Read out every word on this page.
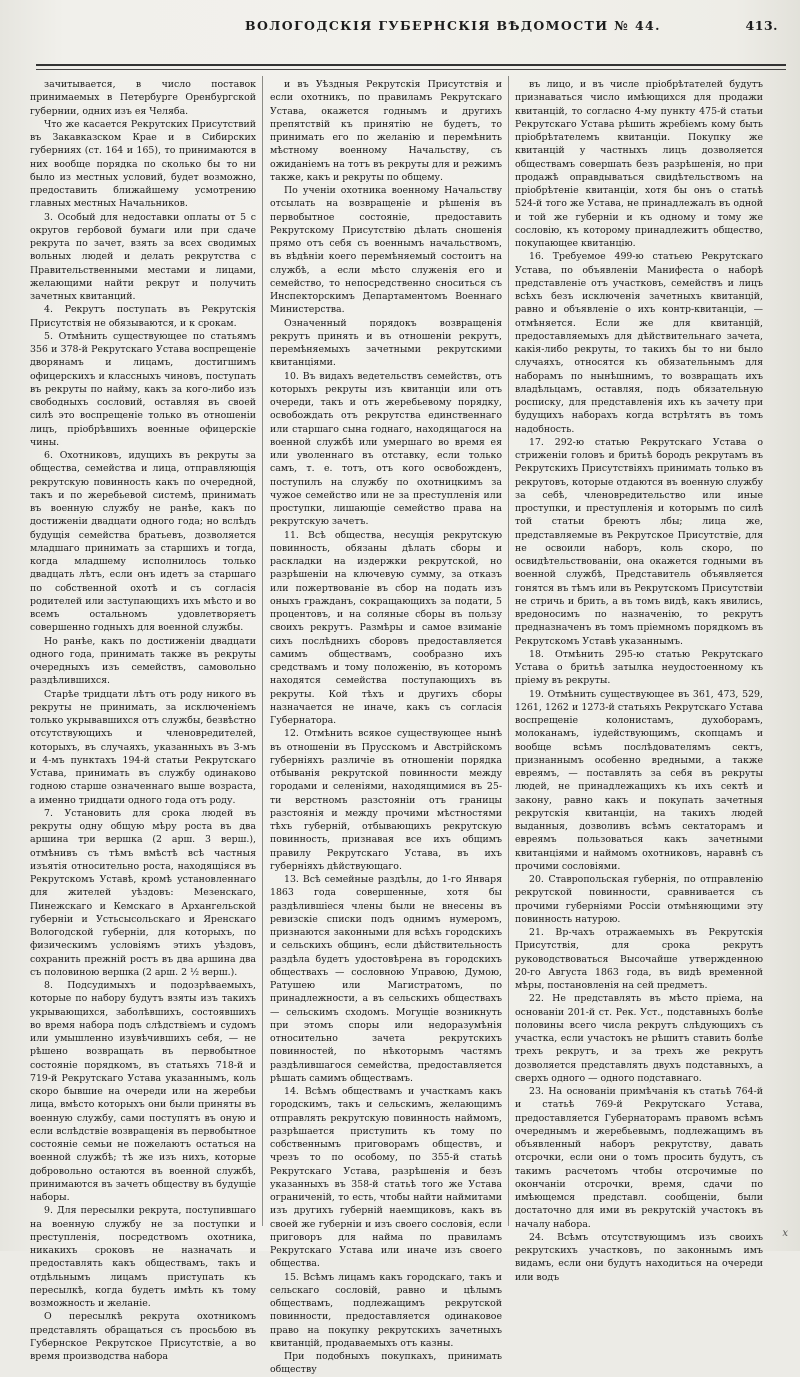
ВОЛОГОДСКІЯ ГУБЕРНСКІЯ ВѢДОМОСТИ № 44.	413.

зачитывается, в число поставок принимаемых в Петербурге Оренбургской губернии, одних изъ ея Челяба.

Что же касается Рекрутских Присутствий въ Закавказском Крае и в Сибирских губерниях (ст. 164 и 165), то принимаются в них вообще порядка по сколько бы то ни было из местных условий, будет возможно, предоставить ближайшему усмотрению главных местных Начальников.

3. Особый для недоставки оплаты от 5 с округов гербовой бумаги или при сдаче рекрута по зачет, взять за всех сводимых вольных людей и делать рекрутства с Правительственными местами и лицами, желающими найти рекрут и получить зачетных квитанций.

4. Рекрутъ поступать въ Рекрутскія Присутствія не обязываются, и к срокам.

5. Отмѣнить существующее по статьямъ 356 и 378-й Рекрутскаго Устава воспрещеніе дворянамъ и лицамъ, достигшимъ офицерскихъ и классныхъ чиновъ, поступать въ рекруты по найму, какъ за кого-либо изъ свободныхъ сословий, оставляя въ своей силѣ это воспрещеніе только въ отношеніи лицъ, пріобрѣвшихъ военные офицерскіе чины.

6. Охотниковъ, идущихъ въ рекруты за общества, семейства и лица, отправляющія рекрутскую повинность какъ по очередной, такъ и по жеребьевой системѣ, принимать въ военную службу не ранѣе, какъ по достиженіи двадцати одного года; но вслѣдъ будущія семейства братьевъ, дозволяется младшаго принимать за старшихъ и тогда, когда младшему исполнилось только двадцать лѣтъ, если онъ идетъ за старшаго по собственной охотѣ и съ согласія родителей или заступающихъ ихъ мѣсто и во всемъ остальномъ удовлетворяетъ совершенно годныхъ для военной службы.

Но ранѣе, какъ по достиженіи двадцати одного года, принимать также въ рекруты очередныхъ изъ семействъ, самовольно раздѣлившихся.

Старѣе тридцати лѣтъ отъ роду никого въ рекруты не принимать, за исключеніемъ только укрывавшихся отъ службы, безвѣстно отсутствующихъ и членовредителей, которыхъ, въ случаяхъ, указанныхъ въ 3-мъ и 4-мъ пунктахъ 194-й статьи Рекрутскаго Устава, принимать въ службу одинаково годною старше означеннаго выше возраста, а именно тридцати одного года отъ роду.

7. Установить для срока людей въ рекруты одну общую мѣру роста въ два аршина три вершка (2 арш. 3 верш.), отмѣнивъ съ тѣмъ вмѣстѣ всѣ частныя изъятія относительно роста, находящіяся въ Рекрутскомъ Уставѣ, кромѣ установленнаго для жителей уѣздовъ: Мезенскаго, Пинежскаго и Кемскаго в Архангельской губерніи и Устьсысольскаго и Яренскаго Вологодской губерніи, для которыхъ, по физическимъ условіямъ этихъ уѣздовъ, сохранить прежній ростъ въ два аршина два съ половиною вершка (2 арш. 2 ½ верш.).

8. Подсудимыхъ и подозрѣваемыхъ, которые по набору будутъ взяты изъ такихъ укрывающихся, заболѣвшихъ, состоявшихъ во время набора подъ слѣдствіемъ и судомъ или умышленно изувѣчившихъ себя, — не рѣшено возвращать въ первобытное состояніе порядкомъ, въ статьяхъ 718-й и 719-й Рекрутскаго Устава указаннымъ, коль скоро бывшие на очереди или на жеребьи лица, вмѣсто которыхъ они были приняты въ военную службу, сами поступятъ въ оную и если вслѣдствіе возвращенія въ первобытное состояніе семьи не пожелаютъ остаться на военной службѣ; тѣ же изъ нихъ, которые добровольно остаются въ военной службѣ, принимаются въ зачетъ обществу въ будущіе наборы.

9. Для пересылки рекрута, поступившаго на военную службу не за поступки и преступленія, посредствомъ охотника, никакихъ сроковъ не назначать и предоставлять какъ обществамъ, такъ и отдѣльнымъ лицамъ приступать къ пересылкѣ, когда будетъ имѣть къ тому возможность и желаніе.

О пересылкѣ рекрута охотникомъ представлять обращаться съ просьбою въ Губернское Рекрутское Присутствіе, а во время производства набора

и въ Уѣздныя Рекрутскія Присутствія и если охотникъ, по правиламъ Рекрутскаго Устава, окажется годнымъ и другихъ препятствій къ принятію не будетъ, то принимать его по желанію и перемѣнить мѣстному военному Начальству, съ ожиданіемъ на тотъ въ рекруты для и режимъ также, какъ и рекруты по общему.

По ученіи охотника военному Начальству отсылать на возвращеніе и рѣшенія въ первобытное состояніе, предоставить Рекрутскому Присутствію дѣлать сношенія прямо отъ себя съ военнымъ начальствомъ, въ вѣдѣніи коего перемѣняемый состоитъ на службѣ, а если мѣсто служенія его и семейство, то непосредственно сноситься съ Инспекторскимъ Департаментомъ Военнаго Министерства.

Означенный порядокъ возвращенія рекрутъ принять и въ отношеніи рекрутъ, перемѣняемыхъ зачетными рекрутскими квитанціями.

10. Въ видахъ ведетельствъ семействъ, отъ которыхъ рекруты изъ квитанціи или отъ очереди, такъ и отъ жеребьевому порядку, освобождать отъ рекрутства единственнаго или старшаго сына годнаго, находящагося на военной службѣ или умершаго во время ея или уволеннаго въ отставку, если только самъ, т. е. тотъ, отъ кого освобожденъ, поступилъ на службу по охотницкимъ за чужое семейство или не за преступленія или проступки, лишающіе семейство права на рекрутскую зачетъ.

11. Всѣ общества, несущія рекрутскую повинность, обязаны дѣлать сборы и раскладки на издержки рекрутской, но разрѣшеніи на ключевую сумму, за отказъ или пожертвованіе въ сбор на подать изъ оныхъ гражданъ, сокращающихъ за подати, 5 процентовъ, и на соляные сборы въ пользу своихъ рекрутъ. Размѣры и самое взиманіе сихъ послѣднихъ сборовъ предоставляется самимъ обществамъ, сообразно ихъ средствамъ и тому положенію, въ которомъ находятся семейства поступающихъ въ рекруты. Кой тѣхъ и другихъ сборы назначается не иначе, какъ съ согласія Губернатора.

12. Отмѣнить всякое существующее нынѣ въ отношеніи въ Прусскомъ и Австрійскомъ губерніяхъ различіе въ отношеніи порядка отбыванія рекрутской повинности между городами и селеніями, находящимися въ 25-ти верстномъ разстояніи отъ границы разстоянія и между прочими мѣстностями тѣхъ губерній, отбывающихъ рекрутскую повинность, признавая все ихъ общимъ правилу Рекрутскаго Устава, въ ихъ губерніяхъ дѣйствующаго.

13. Всѣ семейные раздѣлы, до 1-го Января 1863 года совершенные, хотя бы раздѣлившіеся члены были не внесены въ ревизскіе списки подъ однимъ нумеромъ, признаются законными для всѣхъ городскихъ и сельскихъ общинъ, если дѣйствительность раздѣла будетъ удостовѣрена въ городскихъ обществахъ — сословною Управою, Думою, Ратушею или Магистратомъ, по принадлежности, а въ сельскихъ обществахъ — сельскимъ сходомъ. Могущіе возникнуть при этомъ споры или недоразумѣнія относительно зачета рекрутскихъ повинностей, по нѣкоторымъ частямъ раздѣлившагося семейства, предоставляется рѣшать самимъ обществамъ.

14. Всѣмъ обществамъ и участкамъ какъ городскимъ, такъ и сельскимъ, желающимъ отправлять рекрутскую повинность наймомъ, разрѣшается приступить къ тому по собственнымъ приговорамъ обществъ, и чрезъ то по особому, по 355-й статьѣ Рекрутскаго Устава, разрѣшенія и безъ указанныхъ въ 358-й статьѣ того же Устава ограниченій, то есть, чтобы найти наймитами изъ другихъ губерній наемщиковъ, какъ въ своей же губерніи и изъ своего сословія, если приговоръ для найма по правиламъ Рекрутскаго Устава или иначе изъ своего общества.

15. Всѣмъ лицамъ какъ городскаго, такъ и сельскаго сословій, равно и цѣлымъ обществамъ, подлежащимъ рекрутской повинности, предоставляется одинаковое право на покупку рекрутскихъ зачетныхъ квитанцій, продаваемыхъ отъ казны.

При подобныхъ покупкахъ, принимать обществу

въ лицо, и въ числе пріобрѣтателей будутъ признаваться число имѣющихся для продажи квитанцій, то согласно 4-му пункту 475-й статьи Рекрутскаго Устава рѣшить жребіемъ кому быть пріобрѣтателемъ квитанціи. Покупку же квитанцій у частныхъ лицъ дозволяется обществамъ совершать безъ разрѣшенія, но при продажѣ оправдываться свидѣтельствомъ на пріобрѣтеніе квитанціи, хотя бы онъ о статьѣ 524-й того же Устава, не принадлежалъ въ одной и той же губерніи и къ одному и тому же сословію, къ которому принадлежитъ общество, покупающее квитанцію.

16. Требуемое 499-ю статьею Рекрутскаго Устава, по объявленіи Манифеста о наборѣ представленіе отъ участковъ, семействъ и лицъ всѣхъ безъ исключенія зачетныхъ квитанцій, равно и объявленіе о ихъ контр-квитанціи, — отмѣняется. Если же для квитанцій, предоставляемыхъ для дѣйствительнаго зачета, какія-либо рекруты, то такихъ бы то ни было случаяхъ, относятся къ обязательнымъ для наборамъ по нынѣшнимъ, то возвращать ихъ владѣльцамъ, оставляя, подъ обязательную росписку, для представленія ихъ къ зачету при будущихъ наборахъ когда встрѣтятъ въ томъ надобность.

17. 292-ю статью Рекрутскаго Устава о стриженіи головъ и бритьѣ бородъ рекрутамъ въ Рекрутскихъ Присутствіяхъ принимать только въ рекрутовъ, которые отдаются въ военную службу за себѣ, членовредительство или иные проступки, и преступленія и которымъ по силѣ той статьи бреютъ лбы; лица же, представляемые въ Рекрутское Присутствіе, для не освоили наборъ, коль скоро, по освидѣтельствованіи, она окажется годными въ военной службѣ, Представитель объявляется гонятся въ тѣмъ или въ Рекрутскомъ Присутствіи не стричь и брить, а въ томъ видѣ, какъ явились, вредоносимъ по назначенію, то рекрутъ предназначенъ въ томъ пріемномъ порядкомъ въ Рекрутскомъ Уставѣ указаннымъ.

18. Отмѣнить 295-ю статью Рекрутскаго Устава о бритьѣ затылка неудостоенному къ пріему въ рекруты.

19. Отмѣнить существующее въ 361, 473, 529, 1261, 1262 и 1273-й статьяхъ Рекрутскаго Устава воспрещеніе колонистамъ, духоборамъ, молоканамъ, іудействующимъ, скопцамъ и вообще всѣмъ послѣдователямъ сектъ, признаннымъ особенно вредными, а также евреямъ, — поставлять за себя въ рекруты людей, не принадлежащихъ къ ихъ сектѣ и закону, равно какъ и покупать зачетныя рекрутскія квитанціи, на такихъ людей выданныя, дозволивъ всѣмъ сектаторамъ и евреямъ пользоваться какъ зачетными квитанціями и наймомъ охотниковъ, наравнѣ съ прочими сословіями.

20. Ставропольская губернія, по отправленію рекрутской повинности, сравнивается съ прочими губерніями Россіи отмѣняющими эту повинность натурою.

21. Вр-чахъ отражаемыхъ въ Рекрутскія Присутствія, для срока рекрутъ руководствоваться Высочайше утвержденною 20-го Августа 1863 года, въ видѣ временной мѣры, постановленія на сей предметъ.

22. Не представлять въ мѣсто пріема, на основаніи 201-й ст. Рек. Уст., подставныхъ болѣе половины всего числа рекрутъ слѣдующихъ съ участка, если участокъ не рѣшитъ ставить болѣе трехъ рекрутъ, и за трехъ же рекрутъ дозволяется представлять двухъ подставныхъ, а сверхъ одного — одного подставнаго.

23. На основаніи примѣчанія къ статьѣ 764-й и статьѣ 769-й Рекрутскаго Устава, предоставляется Губернаторамъ правомъ всѣмъ очереднымъ и жеребьевымъ, подлежащимъ въ объявленный наборъ рекрутству, давать отсрочки, если они о томъ просить будутъ, съ такимъ расчетомъ чтобы отсрочимые по окончаніи отсрочки, время, сдачи по имѣющемся представл. сообщеніи, были достаточно для ими въ рекрутскій участокъ въ началу набора.

24. Всѣмъ отсутствующимъ изъ своихъ рекрутскихъ участковъ, по законнымъ имъ видамъ, если они будутъ находиться на очереди или водъ

х
